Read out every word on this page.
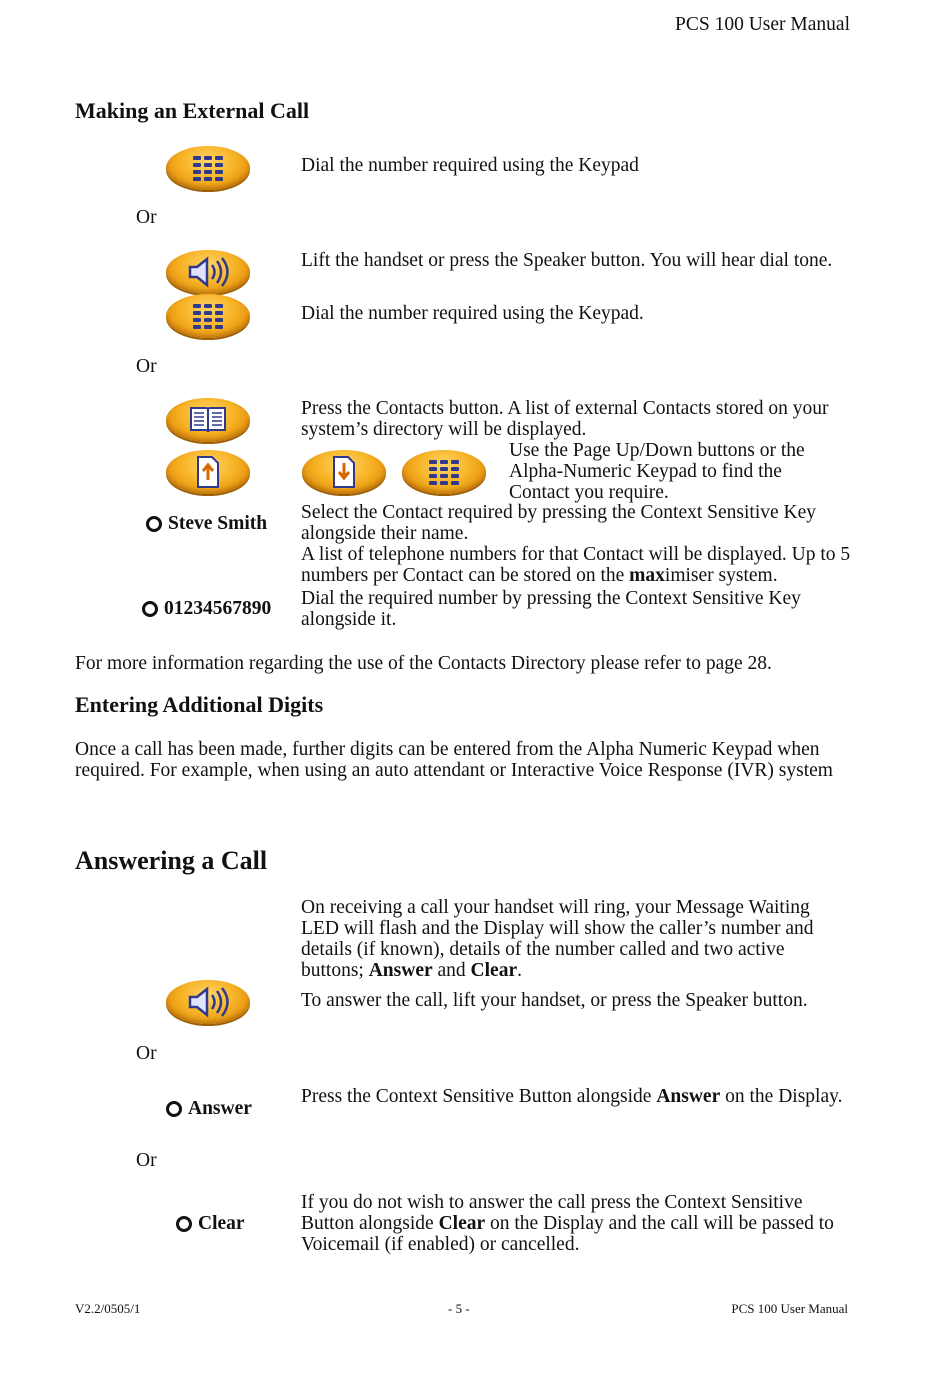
PCS 100 User Manual
Making an External Call
Dial the number required using the Keypad
Or
Lift the handset or press the Speaker button. You will hear dial tone.
Dial the number required using the Keypad.
Or
Press the Contacts button. A list of external Contacts stored on your system’s directory will be displayed.
Use the Page Up/Down buttons or the Alpha-Numeric Keypad to find the Contact you require.
Steve Smith
Select the Contact required by pressing the Context Sensitive Key alongside their name.
A list of telephone numbers for that Contact will be displayed. Up to 5 numbers per Contact can be stored on the maximiser system.
01234567890 Dial the required number by pressing the Context Sensitive Key alongside it.
For more information regarding the use of the Contacts Directory please refer to page 28.
Entering Additional Digits
Once a call has been made, further digits can be entered from the Alpha Numeric Keypad when required. For example, when using an auto attendant or Interactive Voice Response (IVR) system
Answering a Call
On receiving a call your handset will ring, your Message Waiting LED will flash and the Display will show the caller’s number and details (if known), details of the number called and two active buttons; Answer and Clear.
To answer the call, lift your handset, or press the Speaker button.
Or
Answer
Press the Context Sensitive Button alongside Answer on the Display.
Or
Clear
If you do not wish to answer the call press the Context Sensitive Button alongside Clear on the Display and the call will be passed to Voicemail (if enabled) or cancelled.
V2.2/0505/1	- 5 -	PCS 100 User Manual
